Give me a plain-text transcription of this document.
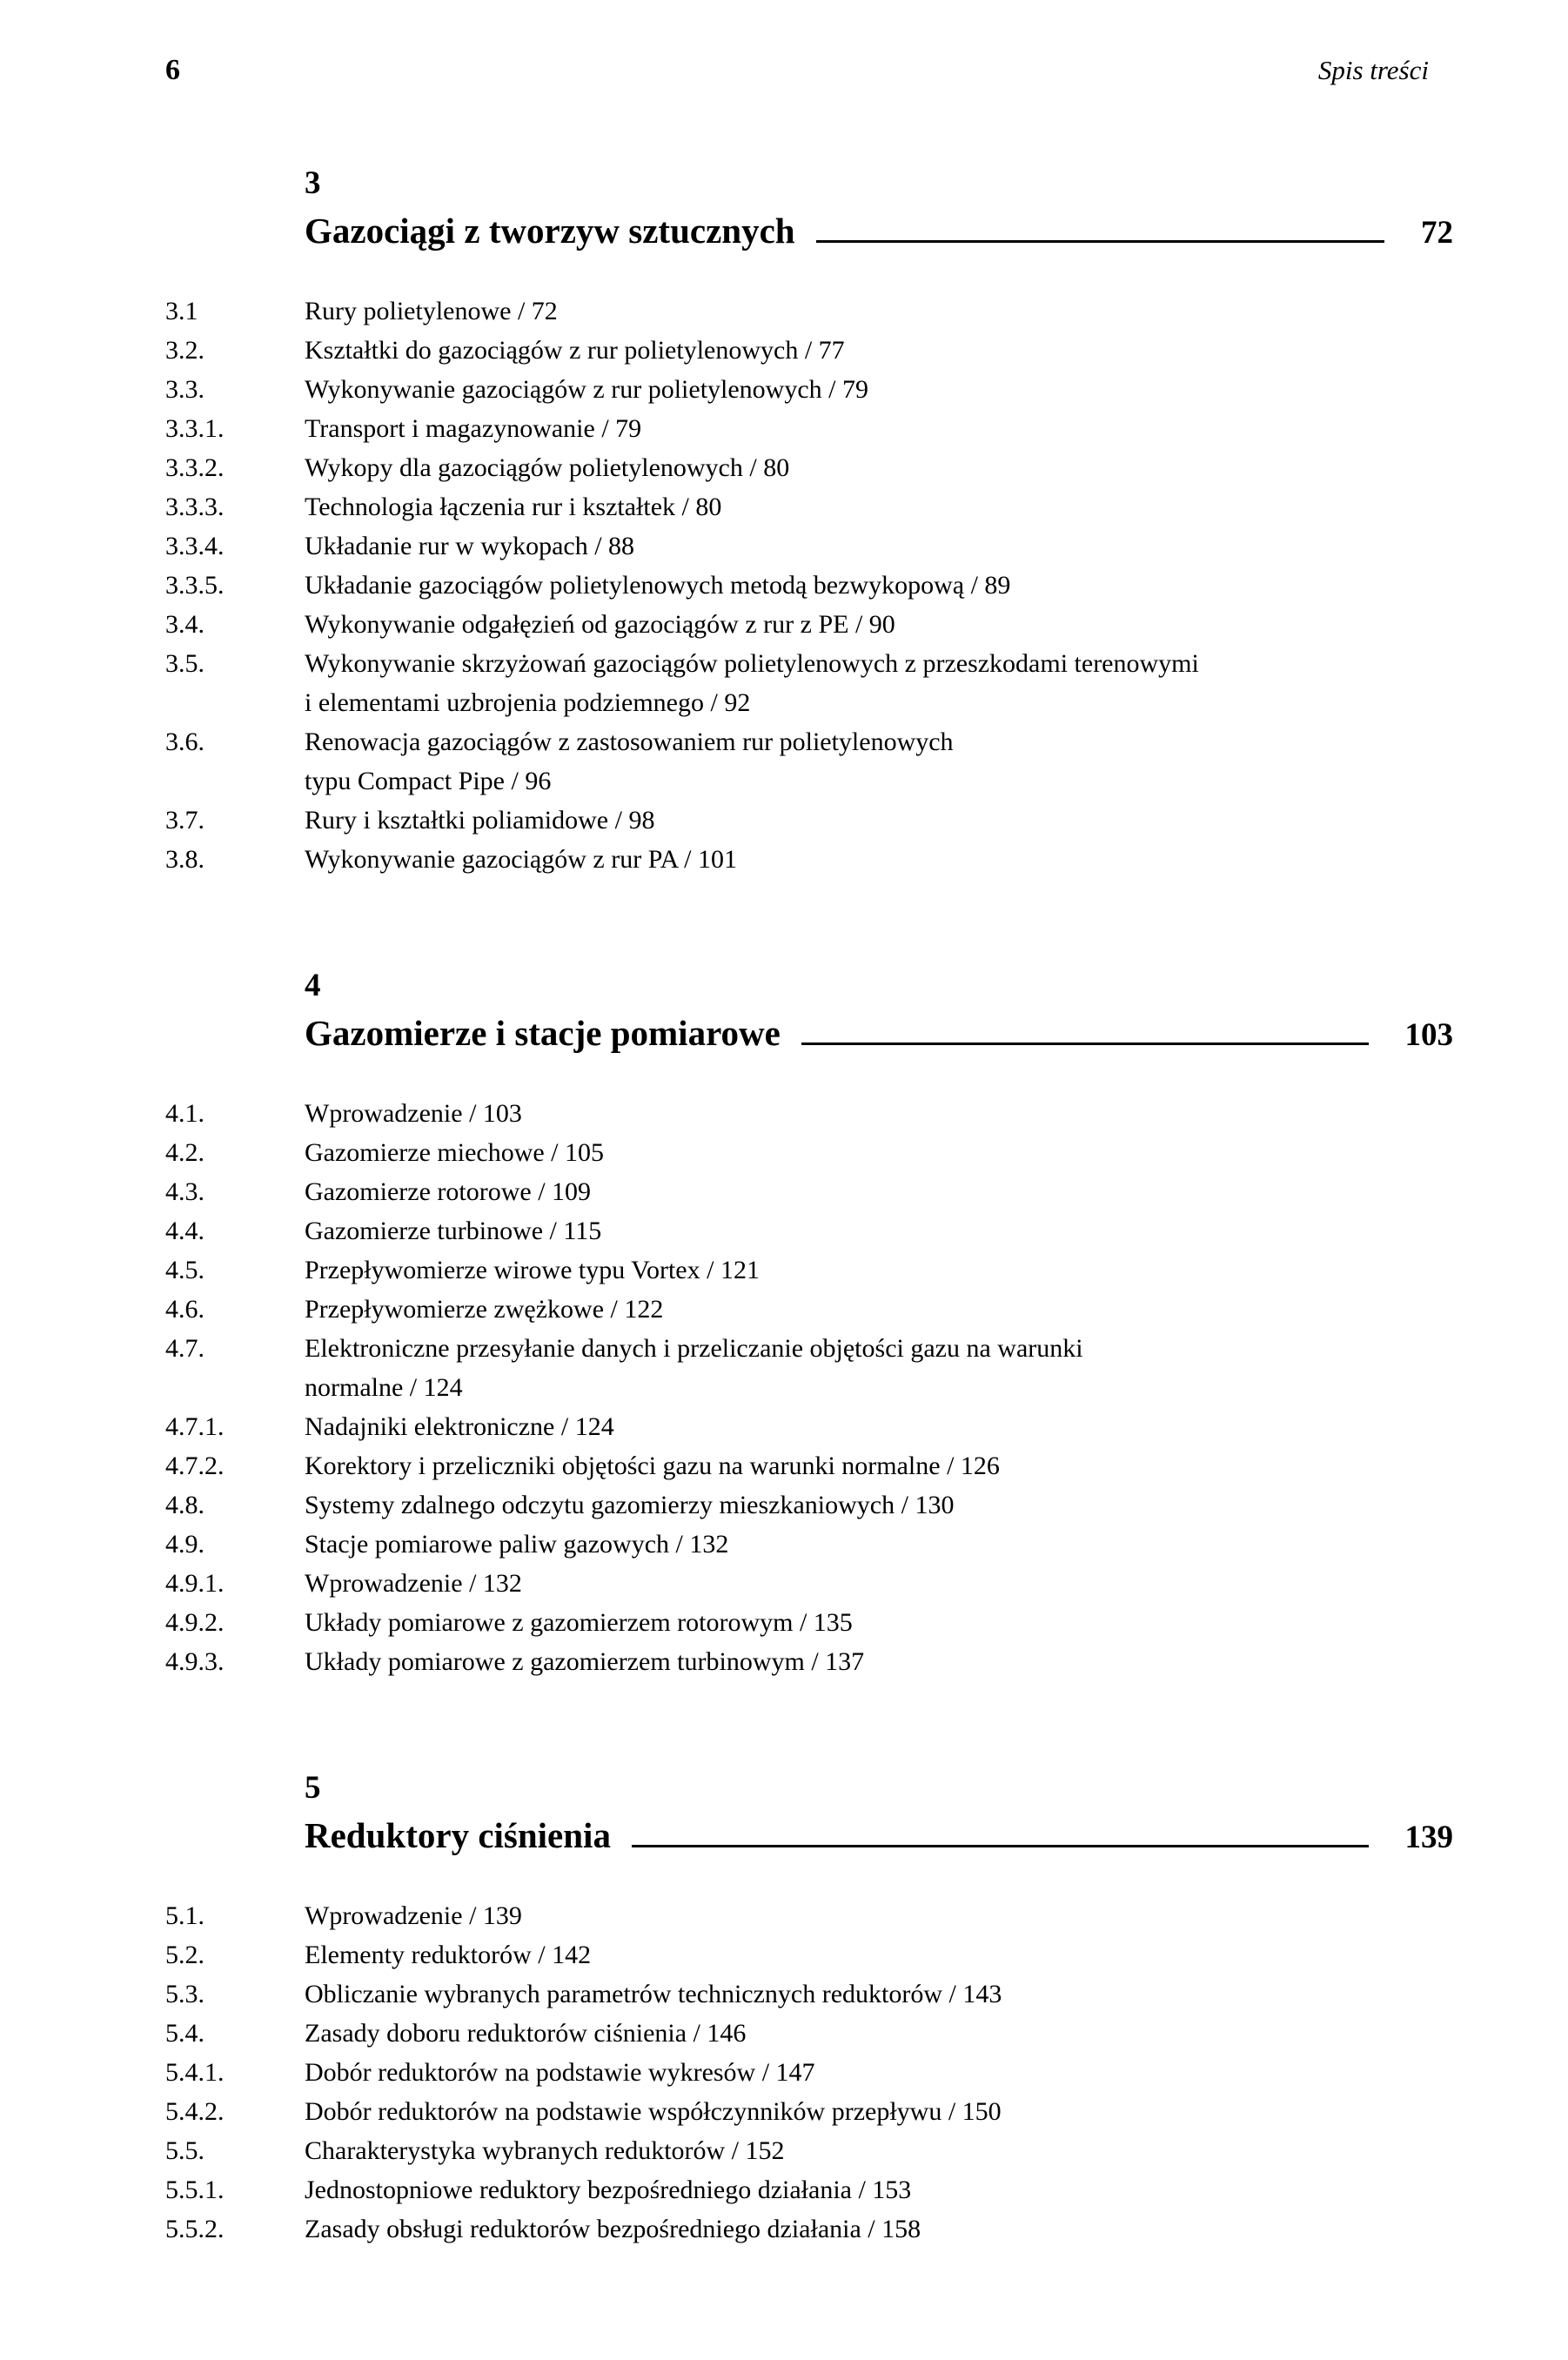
6	Spis treści
3
Gazociągi z tworzyw sztucznych	72
3.1	Rury polietylenowe / 72
3.2.	Kształtki do gazociągów z rur polietylenowych / 77
3.3.	Wykonywanie gazociągów z rur polietylenowych / 79
3.3.1.	Transport i magazynowanie / 79
3.3.2.	Wykopy dla gazociągów polietylenowych / 80
3.3.3.	Technologia łączenia rur i kształtek / 80
3.3.4.	Układanie rur w wykopach / 88
3.3.5.	Układanie gazociągów polietylenowych metodą bezwykopową / 89
3.4.	Wykonywanie odgałęzień od gazociągów z rur z PE / 90
3.5.	Wykonywanie skrzyżowań gazociągów polietylenowych z przeszkodami terenowymi
i elementami uzbrojenia podziemnego / 92
3.6.	Renowacja gazociągów z zastosowaniem rur polietylenowych
typu Compact Pipe / 96
3.7.	Rury i kształtki poliamidowe / 98
3.8.	Wykonywanie gazociągów z rur PA / 101
4
Gazomierze i stacje pomiarowe	103
4.1.	Wprowadzenie / 103
4.2.	Gazomierze miechowe / 105
4.3.	Gazomierze rotorowe / 109
4.4.	Gazomierze turbinowe / 115
4.5.	Przepływomierze wirowe typu Vortex / 121
4.6.	Przepływomierze zwężkowe / 122
4.7.	Elektroniczne przesyłanie danych i przeliczanie objętości gazu na warunki
normalne / 124
4.7.1.	Nadajniki elektroniczne / 124
4.7.2.	Korektory i przeliczniki objętości gazu na warunki normalne / 126
4.8.	Systemy zdalnego odczytu gazomierzy mieszkaniowych / 130
4.9.	Stacje pomiarowe paliw gazowych / 132
4.9.1.	Wprowadzenie / 132
4.9.2.	Układy pomiarowe z gazomierzem rotorowym / 135
4.9.3.	Układy pomiarowe z gazomierzem turbinowym / 137
5
Reduktory ciśnienia	139
5.1.	Wprowadzenie / 139
5.2.	Elementy reduktorów / 142
5.3.	Obliczanie wybranych parametrów technicznych reduktorów / 143
5.4.	Zasady doboru reduktorów ciśnienia / 146
5.4.1.	Dobór reduktorów na podstawie wykresów / 147
5.4.2.	Dobór reduktorów na podstawie współczynników przepływu / 150
5.5.	Charakterystyka wybranych reduktorów / 152
5.5.1.	Jednostopniowe reduktory bezpośredniego działania / 153
5.5.2.	Zasady obsługi reduktorów bezpośredniego działania / 158
